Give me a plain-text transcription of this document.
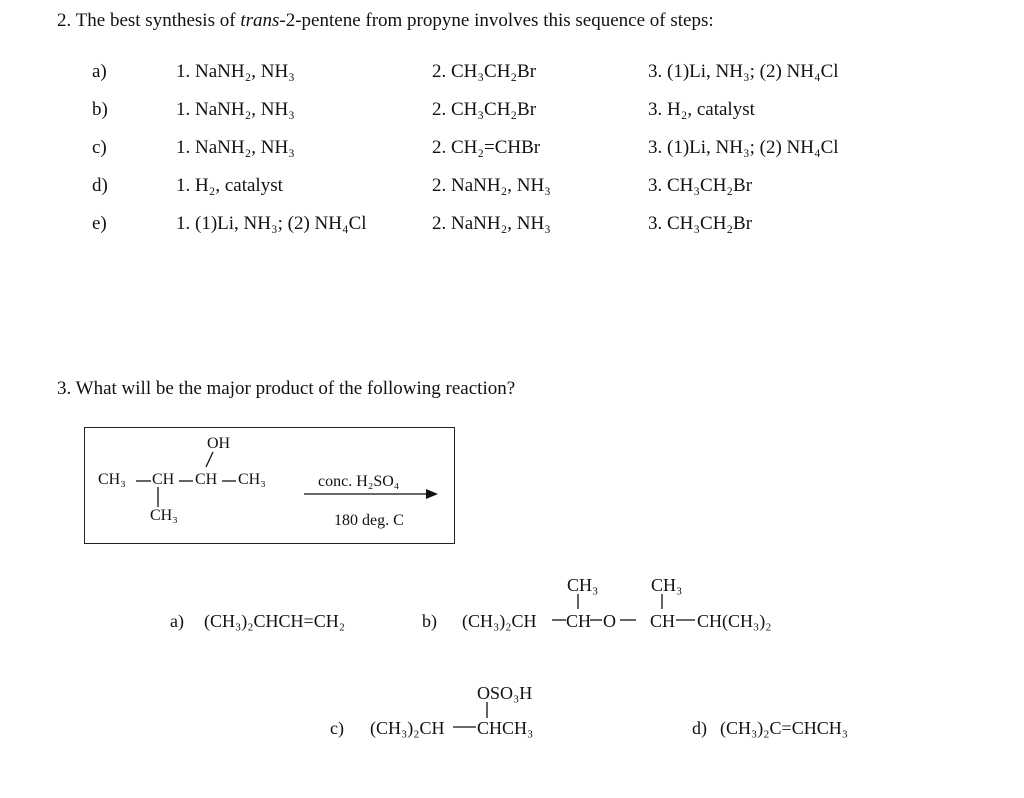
2. The best synthesis of trans-2-pentene from propyne involves this sequence of steps:
a)	1. NaNH₂, NH₃	2. CH₃CH₂Br	3. (1)Li, NH₃; (2) NH₄Cl
b)	1. NaNH₂, NH₃	2. CH₃CH₂Br	3. H₂, catalyst
c)	1. NaNH₂, NH₃	2. CH₂=CHBr	3. (1)Li, NH₃; (2) NH₄Cl
d)	1. H₂, catalyst	2. NaNH₂, NH₃	3. CH₃CH₂Br
e)	1. (1)Li, NH₃; (2) NH₄Cl	2. NaNH₂, NH₃	3. CH₃CH₂Br
3. What will be the major product of the following reaction?
OH
CH₃ CH CH CH₃
CH₃
conc. H₂SO₄
180 deg. C
a) (CH₃)₂CHCH=CH₂	b) (CH₃)₂CH CH O CH CH(CH₃)₂
CH₃	CH₃
c) (CH₃)₂CH CHCH₃
OSO₃H
d) (CH₃)₂C=CHCH₃
